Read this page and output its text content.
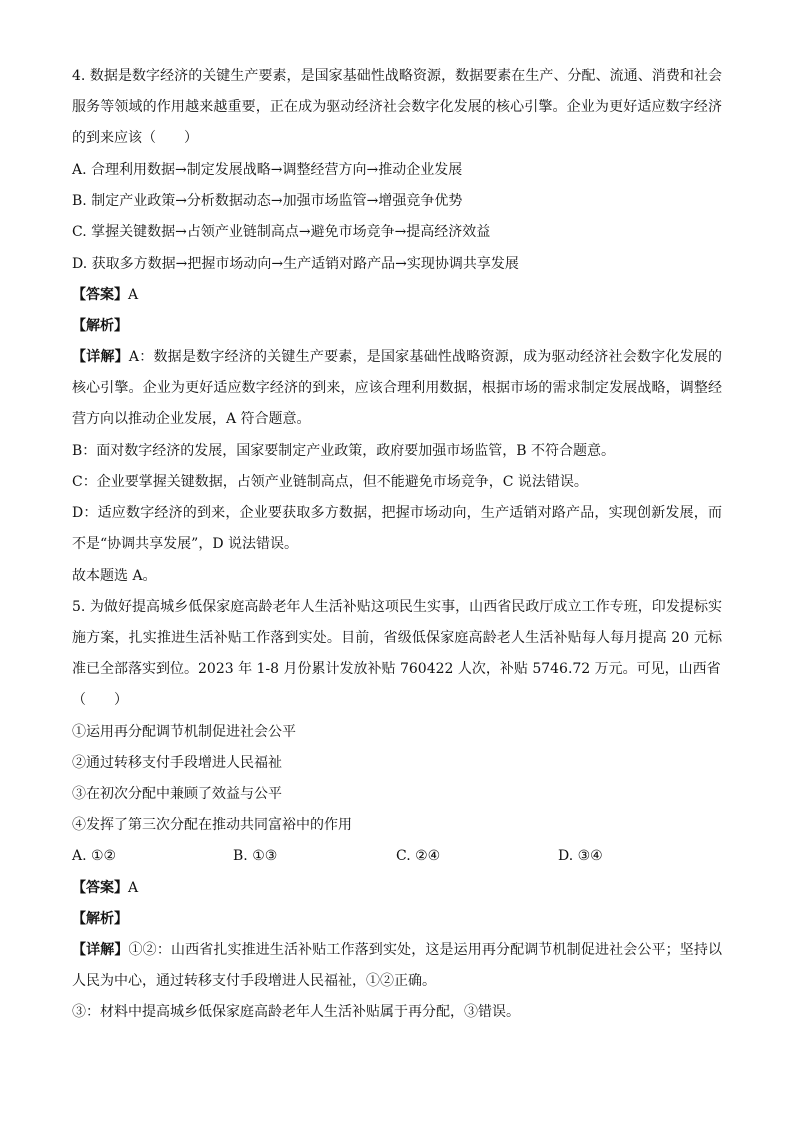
4. 数据是数字经济的关键生产要素，是国家基础性战略资源，数据要素在生产、分配、流通、消费和社会
服务等领域的作用越来越重要，正在成为驱动经济社会数字化发展的核心引擎。企业为更好适应数字经济
的到来应该（　　）
A. 合理利用数据→制定发展战略→调整经营方向→推动企业发展
B. 制定产业政策→分析数据动态→加强市场监管→增强竞争优势
C. 掌握关键数据→占领产业链制高点→避免市场竞争→提高经济效益
D. 获取多方数据→把握市场动向→生产适销对路产品→实现协调共享发展
【答案】A
【解析】
【详解】A：数据是数字经济的关键生产要素，是国家基础性战略资源，成为驱动经济社会数字化发展的
核心引擎。企业为更好适应数字经济的到来，应该合理利用数据，根据市场的需求制定发展战略，调整经
营方向以推动企业发展，A 符合题意。
B：面对数字经济的发展，国家要制定产业政策，政府要加强市场监管，B 不符合题意。
C：企业要掌握关键数据，占领产业链制高点，但不能避免市场竞争，C 说法错误。
D：适应数字经济的到来，企业要获取多方数据，把握市场动向，生产适销对路产品，实现创新发展，而
不是“协调共享发展”，D 说法错误。
故本题选 A。
5. 为做好提高城乡低保家庭高龄老年人生活补贴这项民生实事，山西省民政厅成立工作专班，印发提标实
施方案，扎实推进生活补贴工作落到实处。目前，省级低保家庭高龄老人生活补贴每人每月提高 20 元标
准已全部落实到位。2023 年 1-8 月份累计发放补贴 760422 人次，补贴 5746.72 万元。可见，山西省
（　　）
①运用再分配调节机制促进社会公平
②通过转移支付手段增进人民福祉
③在初次分配中兼顾了效益与公平
④发挥了第三次分配在推动共同富裕中的作用
A. ①②	B. ①③	C. ②④	D. ③④
【答案】A
【解析】
【详解】①②：山西省扎实推进生活补贴工作落到实处，这是运用再分配调节机制促进社会公平；坚持以
人民为中心，通过转移支付手段增进人民福祉，①②正确。
③：材料中提高城乡低保家庭高龄老年人生活补贴属于再分配，③错误。
